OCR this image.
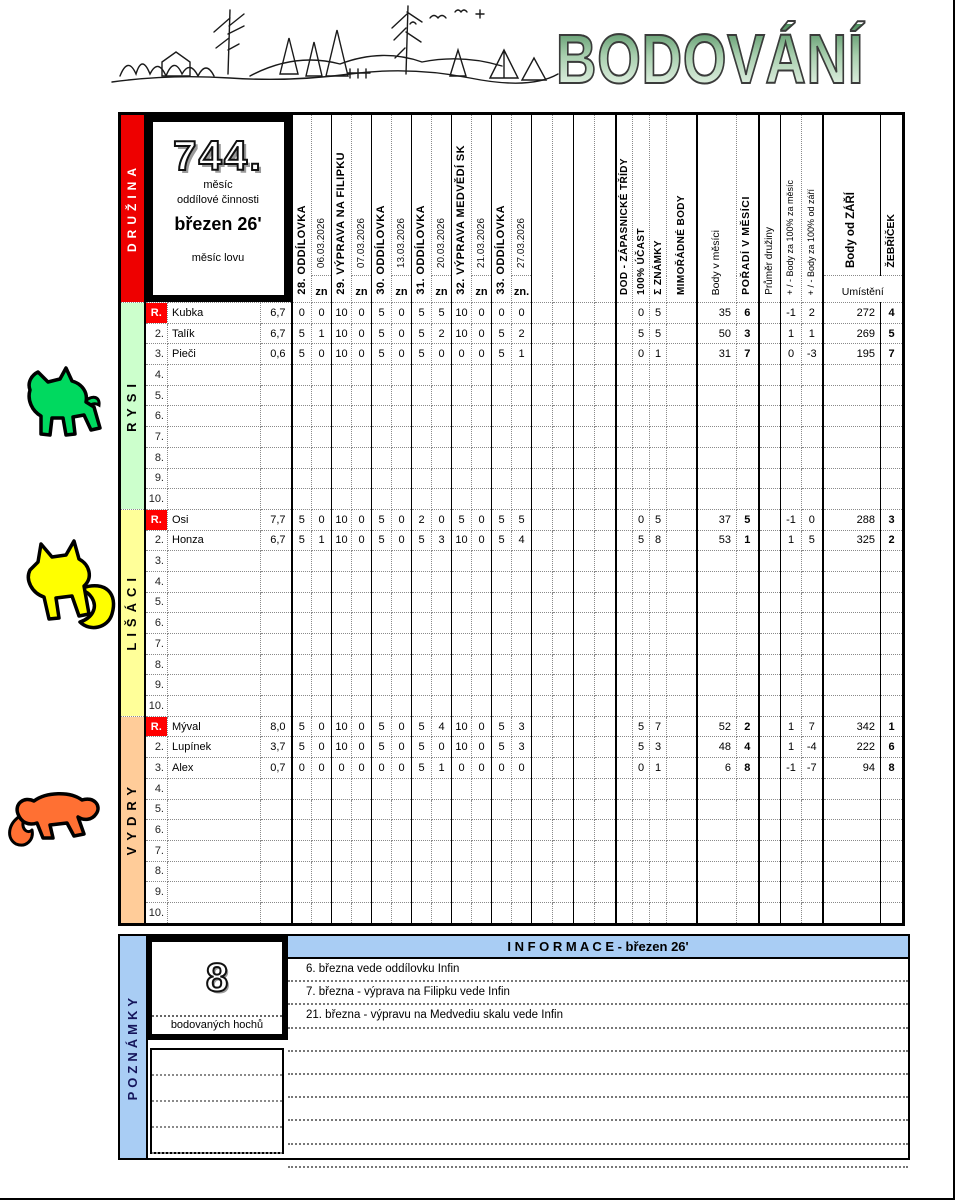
BODOVÁNÍ
DRUŽINA	744.
měsíc
oddílové činnosti
březen 26'
měsíc lovu			28. ODDÍLOVKA	06.03.2026	29. VÝPRAVA NA FILIPKU	07.03.2026	30. ODDÍLOVKA	13.03.2026	31. ODDÍLOVKA	20.03.2026	32. VÝPRAVA MEDVĚDÍ SK	21.03.2026	33. ODDÍLOVKA	27.03.2026					DOD - ZÁPASNICKÉ TŘÍDY	100% ÚČAST	Σ ZNÁMKY	MIMOŘÁDNÉ BODY	Body v měsíci	POŘADÍ V MĚSÍCI	Průměr družiny	+ / - Body za 100% za měsíc	+ / - Body za 100% od září	Body od ZÁŘÍ	ŽEBŘÍČEK
					zn		zn		zn		zn		zn		zn.														Umístění	
RYSI	R.	Kubka	6,7	0	0	10	0	5	0	5	5	10	0	0	0						0	5		35	6		-1	2	272	4
	2.	Talík	6,7	5	1	10	0	5	0	5	2	10	0	5	2						5	5		50	3		1	1	269	5
	3.	Pieči	0,6	5	0	10	0	5	0	5	0	0	0	5	1						0	1		31	7		0	-3	195	7
	4.																													
	5.																													
	6.																													
	7.																													
	8.																													
	9.																													
	10.																													
LIŠÁCI	R.	Osi	7,7	5	0	10	0	5	0	2	0	5	0	5	5						0	5		37	5		-1	0	288	3
	2.	Honza	6,7	5	1	10	0	5	0	5	3	10	0	5	4						5	8		53	1		1	5	325	2
	3.																													
	4.																													
	5.																													
	6.																													
	7.																													
	8.																													
	9.																													
	10.																													
VYDRY	R.	Mýval	8,0	5	0	10	0	5	0	5	4	10	0	5	3						5	7		52	2		1	7	342	1
	2.	Lupínek	3,7	5	0	10	0	5	0	5	0	10	0	5	3						5	3		48	4		1	-4	222	6
	3.	Alex	0,7	0	0	0	0	0	0	5	1	0	0	0	0						0	1		6	8		-1	-7	94	8
	4.																													
	5.																													
	6.																													
	7.																													
	8.																													
	9.																													
	10.																													
POZNÁMKY
8
bodovaných hochů
I N F O R M A C E - březen 26'
6. března vede oddílovku Infin
7. března - výprava na Filipku vede Infin
21. března - výpravu na Medvediu skalu vede Infin
